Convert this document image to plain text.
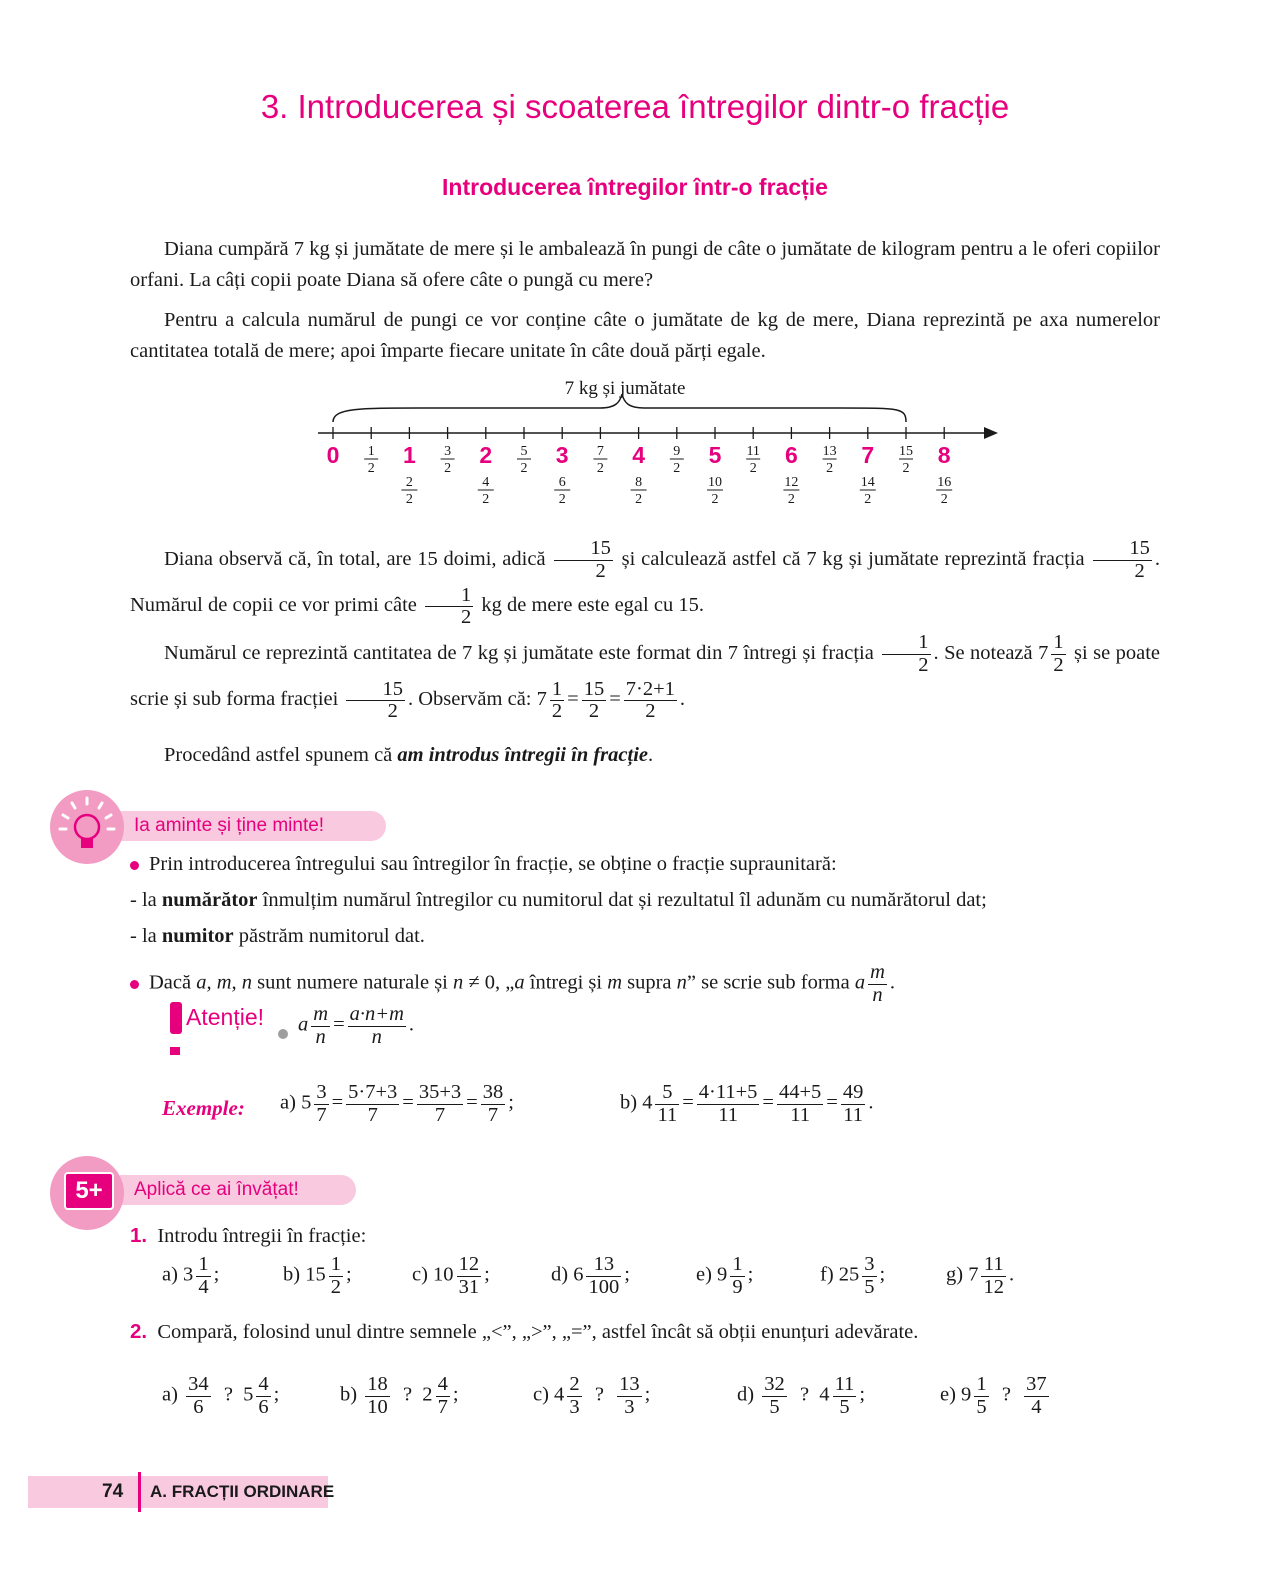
3. Introducerea și scoaterea întregilor dintr-o fracție
Introducerea întregilor într-o fracție
Diana cumpără 7 kg și jumătate de mere și le ambalează în pungi de câte o jumătate de kilogram pentru a le oferi copiilor orfani. La câți copii poate Diana să ofere câte o pungă cu mere?
Pentru a calcula numărul de pungi ce vor conține câte o jumătate de kg de mere, Diana reprezintă pe axa numerelor cantitatea totală de mere; apoi împarte fiecare unitate în câte două părți egale.
7 kg și jumătate
0 1
2
1
2
2
3
2
2
4
2
5
2
3
6
2
7
2
4
8
2
9
2
5
10
2
11
2
6
12
2
13
2
7
14
2
15
2
8
16
2
Diana observă că, în total, are 15 doimi, adică $\frac{15}{2}$ și calculează astfel că 7 kg și jumătate reprezintă fracția $\frac{15}{2}$ . Numărul de copii ce vor primi câte $\frac{1}{2}$ kg de mere este egal cu 15.
Numărul ce reprezintă cantitatea de 7 kg și jumătate este format din 7 întregi și fracția $\frac{1}{2}$ . Se notează $7 \frac{1}{2}$ și se poate scrie și sub forma fracției $\frac{15}{2}$ . Observăm că: $7 \frac{1}{2} = \frac{15}{2} = \frac{7\cdot 2+1}{2}$ .
Procedând astfel spunem că am introdus întregii în fracție.
Ia aminte și ține minte!
Prin introducerea întregului sau întregilor în fracție, se obține o fracție supraunitară:
- la numărător înmulțim numărul întregilor cu numitorul dat și rezultatul îl adunăm cu numărătorul dat;
- la numitor păstrăm numitorul dat.
Dacă a, m, n sunt numere naturale și n ≠ 0, „a întregi și m supra n” se scrie sub forma a $\frac{m}{n}$ .
Atenție! a $\frac{m}{n} = \frac{a\cdot n+m}{n}$ .
Exemple: a) $5 \frac{3}{7} = \frac{5\cdot 7+3}{7} = \frac{35+3}{7} = \frac{38}{7}$ ;	b) $4 \frac{5}{11} = \frac{4\cdot 11+5}{11} = \frac{44+5}{11} = \frac{49}{11}$ .
Aplică ce ai învățat!
5+
1. Introdu întregii în fracție:
a) $3 \frac{1}{4}$ ;	b) $15 \frac{1}{2}$ ;	c) $10 \frac{12}{31}$ ;	d) $6 \frac{13}{100}$ ;	e) $9 \frac{1}{9}$ ;	f) $25 \frac{3}{5}$ ;	g) $7 \frac{11}{12}$ .
2. Compară, folosind unul dintre semnele „<”, „>”, „=”, astfel încât să obții enunțuri adevărate.
$a) \frac{34}{6}$ ?  $5 \frac{4}{6}$ ;	$b) \frac{18}{10}$ ?  $2 \frac{4}{7}$ ;	c) $4 \frac{2}{3}$ ? $\frac{13}{3}$ ;	$d) \frac{32}{5}$ ?  $4 \frac{11}{5}$ ;	e) $9 \frac{1}{5}$ ? $\frac{37}{4}$
74 A. FRACȚII ORDINARE
